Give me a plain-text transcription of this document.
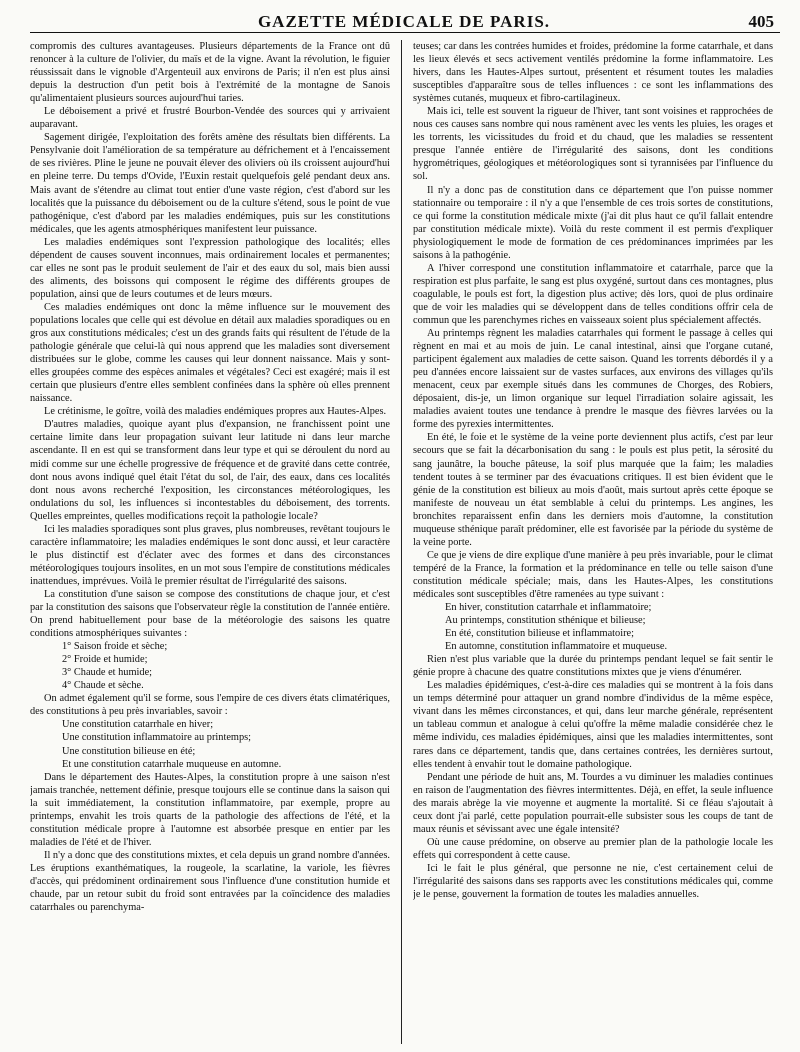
GAZETTE MÉDICALE DE PARIS.	405

compromis des cultures avantageuses. Plusieurs départements de la France ont dû renoncer à la culture de l'olivier, du maïs et de la vigne. Avant la révolution, le figuier réussissait dans le vignoble d'Argenteuil aux environs de Paris; il n'en est plus ainsi depuis la destruction d'un petit bois à l'extrémité de la montagne de Sanois qu'alimentaient plusieurs sources aujourd'hui taries.

Le déboisement a privé et frustré Bourbon-Vendée des sources qui y arrivaient auparavant.

Sagement dirigée, l'exploitation des forêts amène des résultats bien différents. La Pensylvanie doit l'amélioration de sa température au défrichement et à l'encaissement de ses rivières. Pline le jeune ne pouvait élever des oliviers où ils croissent aujourd'hui en pleine terre. Du temps d'Ovide, l'Euxin restait quelquefois gelé pendant deux ans. Mais avant de s'étendre au climat tout entier d'une vaste région, c'est d'abord sur les localités que la puissance du déboisement ou de la culture s'étend, sous le point de vue pathogénique, c'est d'abord par les maladies endémiques, puis sur les constitutions médicales, que les agents atmosphériques manifestent leur puissance.

Les maladies endémiques sont l'expression pathologique des localités; elles dépendent de causes souvent inconnues, mais ordinairement locales et permanentes; car elles ne sont pas le produit seulement de l'air et des eaux du sol, mais bien aussi des aliments, des boissons qui composent le régime des différents groupes de population, ainsi que de leurs coutumes et de leurs mœurs.

Ces maladies endémiques ont donc la même influence sur le mouvement des populations locales que celle qui est dévolue en détail aux maladies sporadiques ou en gros aux constitutions médicales; c'est un des grands faits qui résultent de l'étude de la pathologie générale que celui-là qui nous apprend que les maladies sont diversement distribuées sur le globe, comme les causes qui leur donnent naissance. Mais y sont-elles groupées comme des espèces animales et végétales? Ceci est exagéré; mais il est certain que plusieurs d'entre elles semblent confinées dans la sphère où elles prennent naissance.

Le crétinisme, le goître, voilà des maladies endémiques propres aux Hautes-Alpes.

D'autres maladies, quoique ayant plus d'expansion, ne franchissent point une certaine limite dans leur propagation suivant leur latitude ni dans leur marche ascendante. Il en est qui se transforment dans leur type et qui se déroulent du nord au midi comme sur une échelle progressive de fréquence et de gravité dans cette contrée, dont nous avons indiqué quel était l'état du sol, de l'air, des eaux, dans ces localités dont nous avons recherché l'exposition, les circonstances météorologiques, les ondulations du sol, les influences si incontestables du déboisement, des torrents. Quelles empreintes, quelles modifications reçoit la pathologie locale?

Ici les maladies sporadiques sont plus graves, plus nombreuses, revêtant toujours le caractère inflammatoire; les maladies endémiques le sont donc aussi, et leur caractère le plus distinctif est d'éclater avec des formes et dans des circonstances météorologiques toujours insolites, en un mot sous l'empire de constitutions médicales inattendues, imprévues. Voilà le premier résultat de l'irrégularité des saisons.

La constitution d'une saison se compose des constitutions de chaque jour, et c'est par la constitution des saisons que l'observateur règle la constitution de l'année entière. On prend habituellement pour base de la météorologie des saisons les quatre conditions atmosphériques suivantes :

1° Saison froide et sèche;

2° Froide et humide;

3° Chaude et humide;

4° Chaude et sèche.

On admet également qu'il se forme, sous l'empire de ces divers états climatériques, des constitutions à peu près invariables, savoir :

Une constitution catarrhale en hiver;

Une constitution inflammatoire au printemps;

Une constitution bilieuse en été;

Et une constitution catarrhale muqueuse en automne.

Dans le département des Hautes-Alpes, la constitution propre à une saison n'est jamais tranchée, nettement définie, presque toujours elle se continue dans la saison qui la suit immédiatement, la constitution inflammatoire, par exemple, propre au printemps, envahit les trois quarts de la pathologie des affections de l'été, et la constitution médicale propre à l'automne est absorbée presque en entier par les maladies de l'été et de l'hiver.

Il n'y a donc que des constitutions mixtes, et cela depuis un grand nombre d'années. Les éruptions exanthématiques, la rougeole, la scarlatine, la variole, les fièvres d'accès, qui prédominent ordinairement sous l'influence d'une constitution humide et chaude, par un retour subit du froid sont entravées par la coïncidence des maladies catarrhales ou parenchyma-

teuses; car dans les contrées humides et froides, prédomine la forme catarrhale, et dans les lieux élevés et secs activement ventilés prédomine la forme inflammatoire. Les hivers, dans les Hautes-Alpes surtout, présentent et résument toutes les maladies susceptibles d'apparaître sous de telles influences : ce sont les inflammations des systèmes cutanés, muqueux et fibro-cartilagineux.

Mais ici, telle est souvent la rigueur de l'hiver, tant sont voisines et rapprochées de nous ces causes sans nombre qui nous ramènent avec les vents les pluies, les orages et les torrents, les vicissitudes du froid et du chaud, que les maladies se ressentent presque l'année entière de l'irrégularité des saisons, dont les conditions hygrométriques, géologiques et météorologiques sont si tyrannisées par l'influence du sol.

Il n'y a donc pas de constitution dans ce département que l'on puisse nommer stationnaire ou temporaire : il n'y a que l'ensemble de ces trois sortes de constitutions, ce qui forme la constitution médicale mixte (j'ai dit plus haut ce qu'il fallait entendre par constitution médicale mixte). Voilà du reste comment il est permis d'expliquer physiologiquement le mode de formation de ces prédominances imprimées par les saisons à la pathogénie.

A l'hiver correspond une constitution inflammatoire et catarrhale, parce que la respiration est plus parfaite, le sang est plus oxygéné, surtout dans ces montagnes, plus coagulable, le pouls est fort, la digestion plus active; dès lors, quoi de plus ordinaire que de voir les maladies qui se développent dans de telles conditions offrir cela de commun que les parenchymes riches en vaisseaux soient plus spécialement affectés.

Au printemps règnent les maladies catarrhales qui forment le passage à celles qui règnent en mai et au mois de juin. Le canal intestinal, ainsi que l'organe cutané, participent également aux maladies de cette saison. Quand les torrents débordés il y a peu d'années encore laissaient sur de vastes surfaces, aux environs des villages qu'ils menacent, ceux par exemple situés dans les communes de Chorges, des Robiers, déposaient, dis-je, un limon organique sur lequel l'irradiation solaire agissait, les maladies avaient toutes une tendance à prendre le masque des fièvres larvées ou la forme des pyrexies intermittentes.

En été, le foie et le système de la veine porte deviennent plus actifs, c'est par leur secours que se fait la décarbonisation du sang : le pouls est plus petit, la sérosité du sang jaunâtre, la bouche pâteuse, la soif plus marquée que la faim; les maladies tendent toutes à se terminer par des évacuations critiques. Il est bien évident que le génie de la constitution est bilieux au mois d'août, mais surtout après cette époque se manifeste de nouveau un état semblable à celui du printemps. Les angines, les bronchites reparaissent enfin dans les derniers mois d'automne, la constitution muqueuse sthénique paraît prédominer, elle est favorisée par la période du système de la veine porte.

Ce que je viens de dire explique d'une manière à peu près invariable, pour le climat tempéré de la France, la formation et la prédominance en telle ou telle saison d'une constitution médicale spéciale; mais, dans les Hautes-Alpes, les constitutions médicales sont susceptibles d'être ramenées au type suivant :

En hiver, constitution catarrhale et inflammatoire;

Au printemps, constitution sthénique et bilieuse;

En été, constitution bilieuse et inflammatoire;

En automne, constitution inflammatoire et muqueuse.

Rien n'est plus variable que la durée du printemps pendant lequel se fait sentir le génie propre à chacune des quatre constitutions mixtes que je viens d'énumérer.

Les maladies épidémiques, c'est-à-dire ces maladies qui se montrent à la fois dans un temps déterminé pour attaquer un grand nombre d'individus de la même espèce, vivant dans les mêmes circonstances, et qui, dans leur marche générale, représentent un tableau commun et analogue à celui qu'offre la même maladie considérée chez le même individu, ces maladies épidémiques, ainsi que les maladies intermittentes, sont rares dans ce département, tandis que, dans certaines contrées, les dernières surtout, elles tendent à envahir tout le domaine pathologique.

Pendant une période de huit ans, M. Tourdes a vu diminuer les maladies continues en raison de l'augmentation des fièvres intermittentes. Déjà, en effet, la seule influence des marais abrège la vie moyenne et augmente la mortalité. Si ce fléau s'ajoutait à ceux dont j'ai parlé, cette population pourrait-elle subsister sous les coups de tant de maux réunis et sévissant avec une égale intensité?

Où une cause prédomine, on observe au premier plan de la pathologie locale les effets qui correspondent à cette cause.

Ici le fait le plus général, que personne ne nie, c'est certainement celui de l'irrégularité des saisons dans ses rapports avec les constitutions médicales qui, comme je le pense, gouvernent la formation de toutes les maladies annuelles.
